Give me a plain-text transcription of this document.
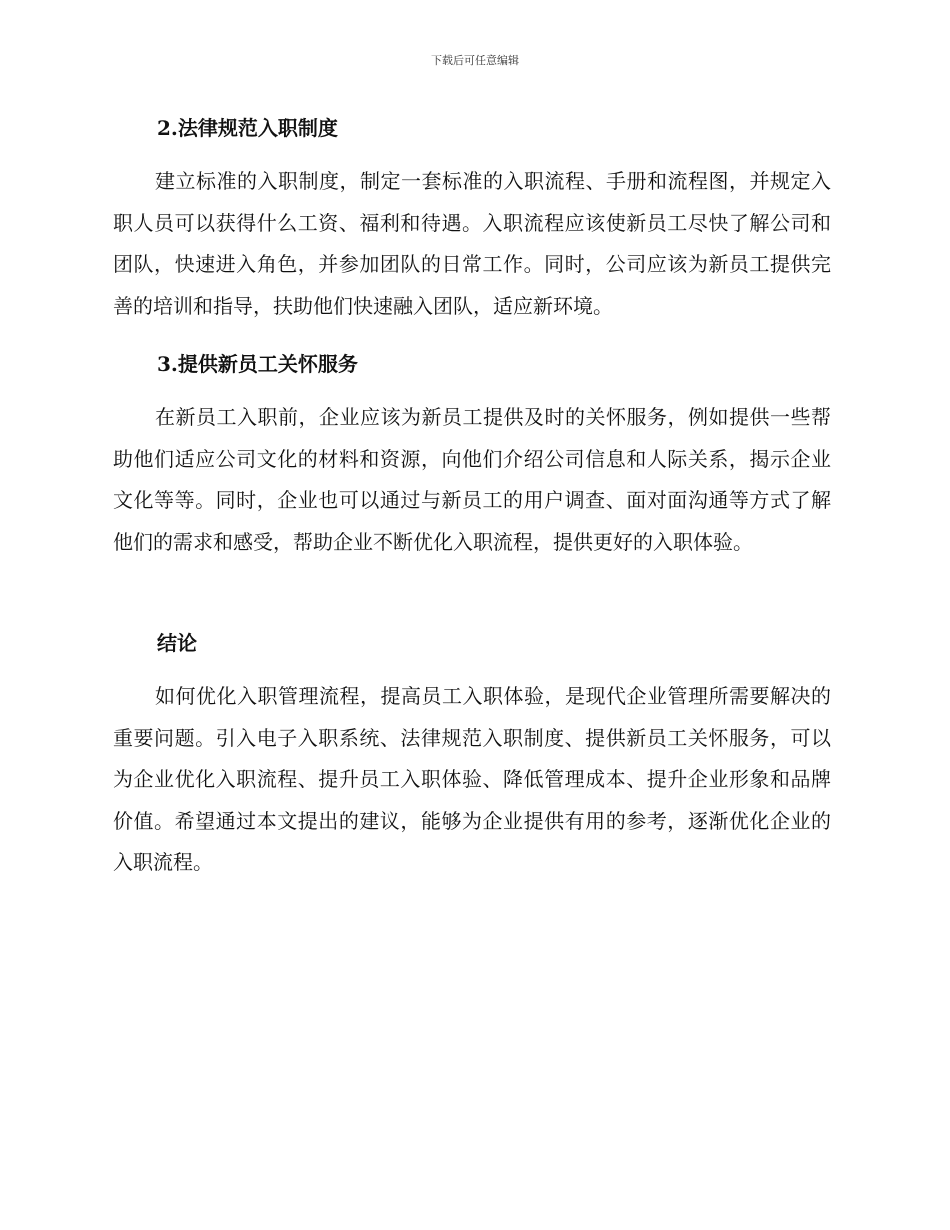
下载后可任意编辑
2.法律规范入职制度
建立标准的入职制度，制定一套标准的入职流程、手册和流程图，并规定入职人员可以获得什么工资、福利和待遇。入职流程应该使新员工尽快了解公司和团队，快速进入角色，并参加团队的日常工作。同时，公司应该为新员工提供完善的培训和指导，扶助他们快速融入团队，适应新环境。
3.提供新员工关怀服务
在新员工入职前，企业应该为新员工提供及时的关怀服务，例如提供一些帮助他们适应公司文化的材料和资源，向他们介绍公司信息和人际关系，揭示企业文化等等。同时，企业也可以通过与新员工的用户调查、面对面沟通等方式了解他们的需求和感受，帮助企业不断优化入职流程，提供更好的入职体验。
结论
如何优化入职管理流程，提高员工入职体验，是现代企业管理所需要解决的重要问题。引入电子入职系统、法律规范入职制度、提供新员工关怀服务，可以为企业优化入职流程、提升员工入职体验、降低管理成本、提升企业形象和品牌价值。希望通过本文提出的建议，能够为企业提供有用的参考，逐渐优化企业的入职流程。
